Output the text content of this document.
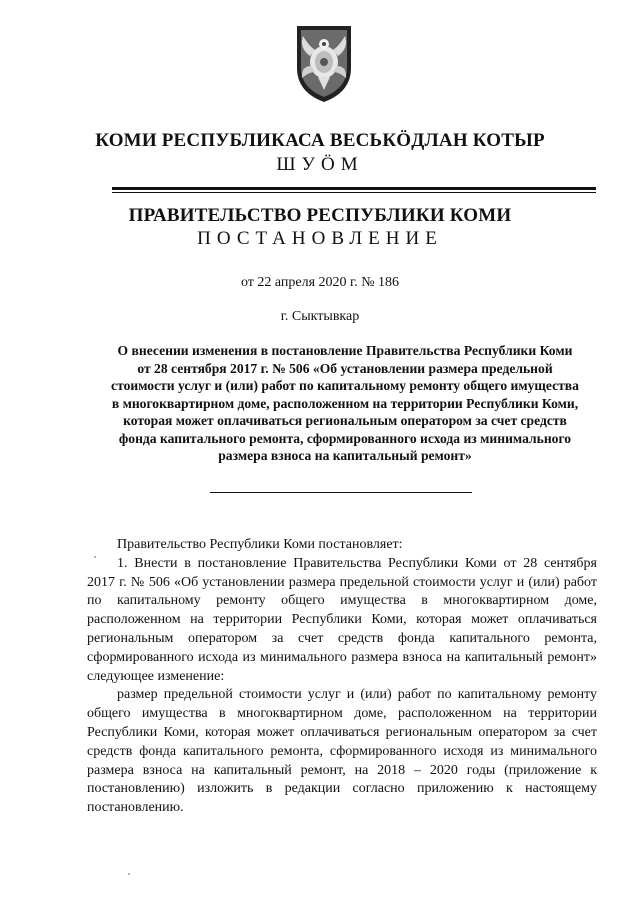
КОМИ РЕСПУБЛИКАСА ВЕСЬКÖДЛАН КОТЫР
ШУÖМ
ПРАВИТЕЛЬСТВО РЕСПУБЛИКИ КОМИ
ПОСТАНОВЛЕНИЕ
от 22 апреля 2020 г. № 186
г. Сыктывкар
О внесении изменения в постановление Правительства Республики Коми от 28 сентября 2017 г. № 506 «Об установлении размера предельной стоимости услуг и (или) работ по капитальному ремонту общего имущества в многоквартирном доме, расположенном на территории Республики Коми, которая может оплачиваться региональным оператором за счет средств фонда капитального ремонта, сформированного исхода из минимального размера взноса на капитальный ремонт»

Правительство Республики Коми постановляет:

1. Внести в постановление Правительства Республики Коми от 28 сентября 2017 г. № 506 «Об установлении размера предельной стоимости услуг и (или) работ по капитальному ремонту общего имущества в многоквартирном доме, расположенном на территории Республики Коми, которая может оплачиваться региональным оператором за счет средств фонда капитального ремонта, сформированного исхода из минимального размера взноса на капитальный ремонт» следующее изменение:

размер предельной стоимости услуг и (или) работ по капитальному ремонту общего имущества в многоквартирном доме, расположенном на территории Республики Коми, которая может оплачиваться региональным оператором за счет средств фонда капитального ремонта, сформированного исходя из минимального размера взноса на капитальный ремонт, на 2018 – 2020 годы (приложение к постановлению) изложить в редакции согласно приложению к настоящему постановлению.
